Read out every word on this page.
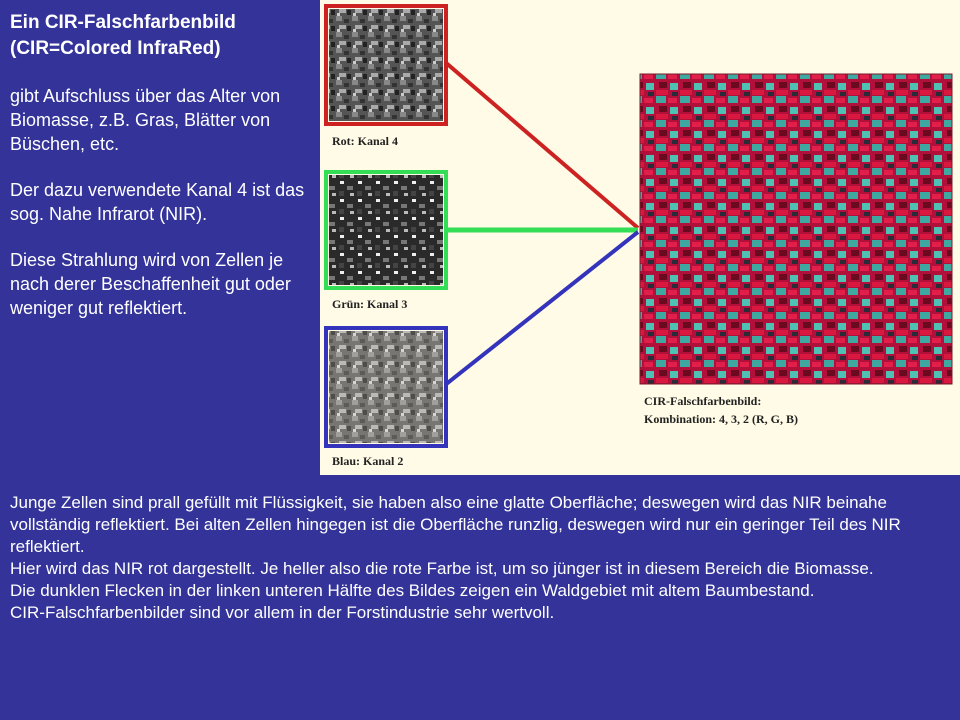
Ein CIR-Falschfarbenbild

(CIR=Colored InfraRed)

gibt Aufschluss über das Alter von Biomasse, z.B. Gras, Blätter von Büschen, etc.

Der dazu verwendete Kanal 4 ist das sog. Nahe Infrarot (NIR).

Diese Strahlung wird von Zellen je nach derer Beschaffenheit gut oder weniger gut reflektiert.

Rot: Kanal 4
Grün: Kanal 3
Blau: Kanal 2
CIR-Falschfarbenbild:
Kombination: 4, 3, 2 (R, G, B)

Junge Zellen sind prall gefüllt mit Flüssigkeit, sie haben also eine glatte Oberfläche; deswegen wird das NIR beinahe vollständig reflektiert. Bei alten Zellen hingegen ist die Oberfläche runzlig, deswegen wird nur ein geringer Teil des NIR reflektiert.

Hier wird das NIR rot dargestellt. Je heller also die rote Farbe ist, um so jünger ist in diesem Bereich die Biomasse.

Die dunklen Flecken in der linken unteren Hälfte des Bildes zeigen ein Waldgebiet mit altem Baumbestand.

CIR-Falschfarbenbilder sind vor allem in der Forstindustrie sehr wertvoll.
